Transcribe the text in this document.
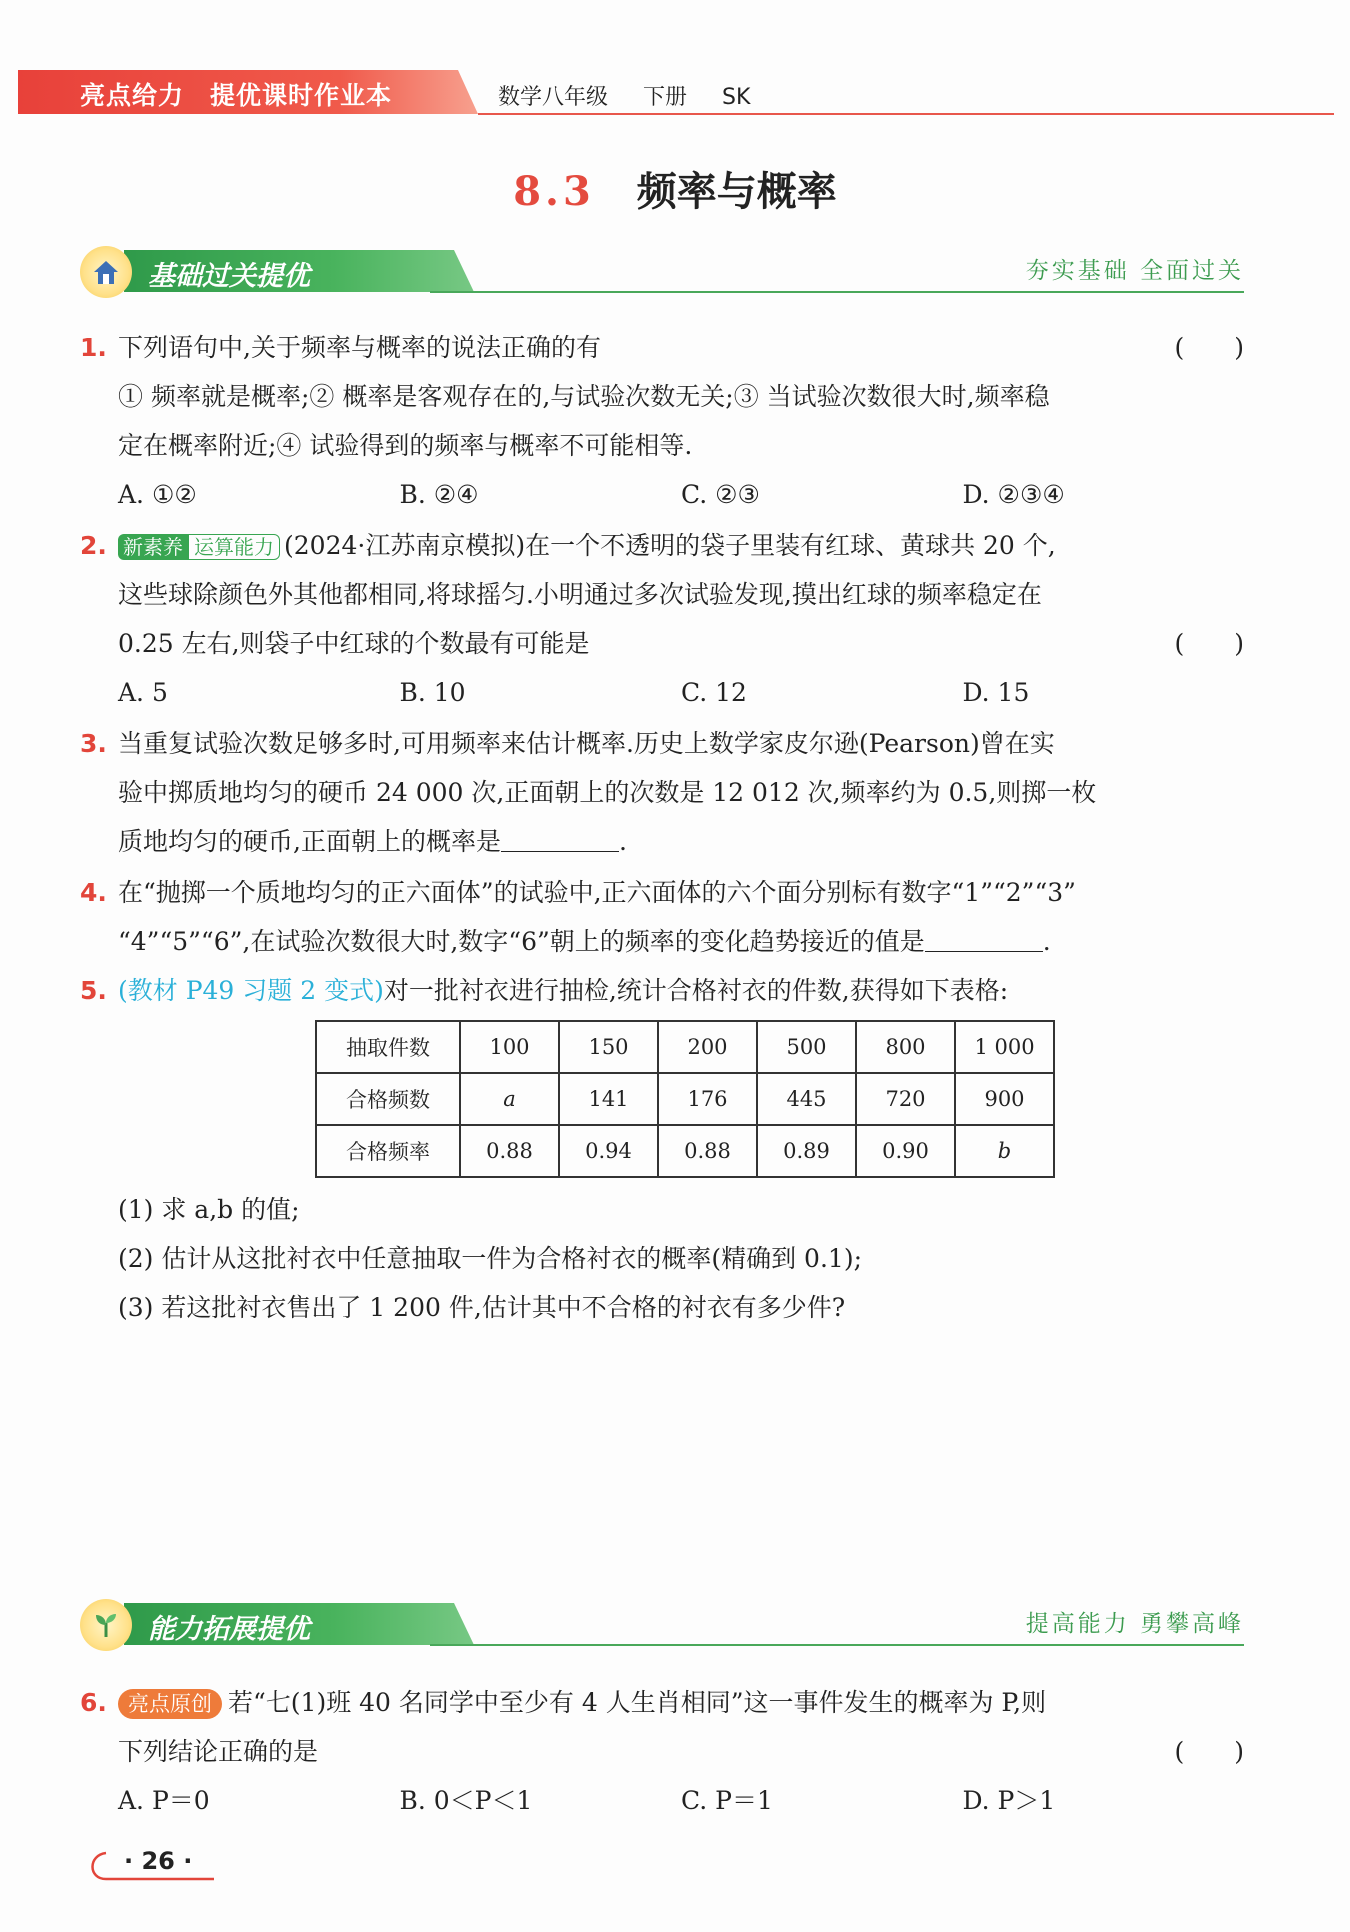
亮点给力　提优课时作业本	数学八年级 下册 SK
8.3 频率与概率
基础过关提优	夯实基础 全面过关
1. 下列语句中,关于频率与概率的说法正确的有	(　　)
① 频率就是概率;② 概率是客观存在的,与试验次数无关;③ 当试验次数很大时,频率稳
定在概率附近;④ 试验得到的频率与概率不可能相等.
A. ①②	B. ②④	C. ②③	D. ②③④
2. 新素养 运算能力 (2024·江苏南京模拟)在一个不透明的袋子里装有红球、黄球共 20 个,
这些球除颜色外其他都相同,将球摇匀.小明通过多次试验发现,摸出红球的频率稳定在
0.25 左右,则袋子中红球的个数最有可能是	(　　)
A. 5	B. 10	C. 12	D. 15
3. 当重复试验次数足够多时,可用频率来估计概率.历史上数学家皮尔逊(Pearson)曾在实
验中掷质地均匀的硬币 24 000 次,正面朝上的次数是 12 012 次,频率约为 0.5,则掷一枚
质地均匀的硬币,正面朝上的概率是	.
4. 在“抛掷一个质地均匀的正六面体”的试验中,正六面体的六个面分别标有数字“1”“2”“3”
“4”“5”“6”,在试验次数很大时,数字“6”朝上的频率的变化趋势接近的值是	.
5. (教材 P49 习题 2 变式)对一批衬衣进行抽检,统计合格衬衣的件数,获得如下表格:
抽取件数	100	150	200	500	800	1 000
合格频数	a	141	176	445	720	900
合格频率	0.88	0.94	0.88	0.89	0.90	b
(1) 求 a,b 的值;
(2) 估计从这批衬衣中任意抽取一件为合格衬衣的概率(精确到 0.1);
(3) 若这批衬衣售出了 1 200 件,估计其中不合格的衬衣有多少件?
能力拓展提优	提高能力 勇攀高峰
6.	亮点原创 若“七(1)班 40 名同学中至少有 4 人生肖相同”这一事件发生的概率为 P,则
下列结论正确的是	(　　)
A. P＝0	B. 0＜P＜1	C. P＝1	D. P＞1
· 26 ·
